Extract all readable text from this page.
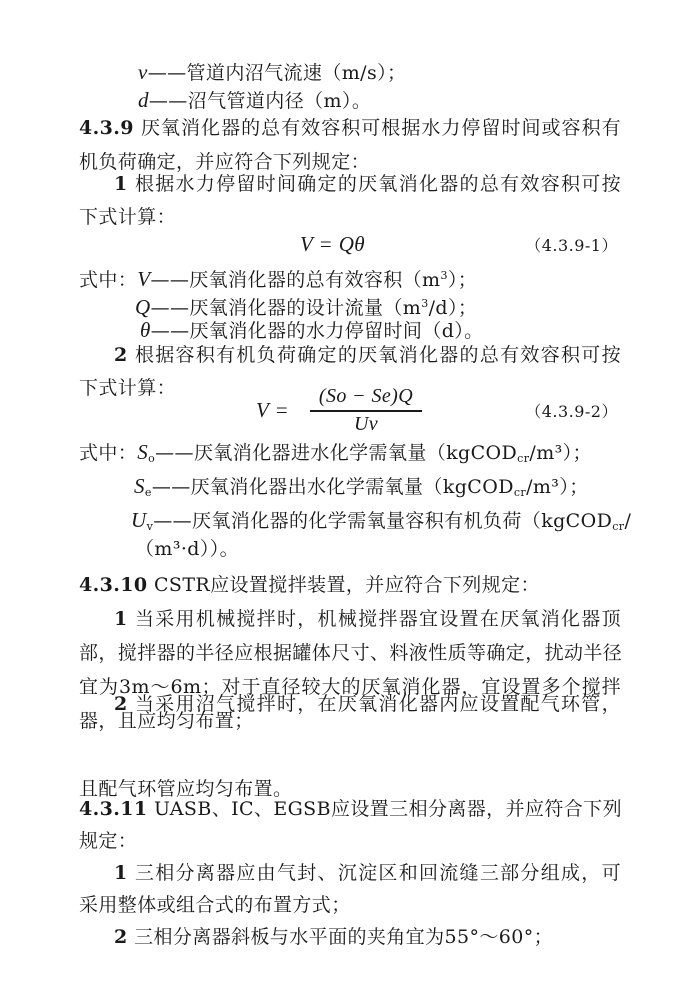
v——管道内沼气流速（m/s）；
d——沼气管道内径（m）。
4.3.9 厌氧消化器的总有效容积可根据水力停留时间或容积有
机负荷确定，并应符合下列规定：
1 根据水力停留时间确定的厌氧消化器的总有效容积可按
下式计算：
V = Qθ	（4.3.9-1）
式中：V——厌氧消化器的总有效容积$(m^3)$；
Q——厌氧消化器的设计流量$(m^3/d)$；
θ——厌氧消化器的水力停留时间（d）。
2 根据容积有机负荷确定的厌氧消化器的总有效容积可按
下式计算：
V =
(So − Se)Q
Uv
（4.3.9-2）
式中：$S_o——$厌氧消化器进水化学需氧量（kgCOD$_{cr}$/m³）；
$S_e——$厌氧消化器出水化学需氧量（kgCOD$_{cr}$/m³）；
$U_v——$厌氧消化器的化学需氧量容积有机负荷（kgCOD$_{cr}$/
（m³·d））。
4.3.10 CSTR应设置搅拌装置，并应符合下列规定：
1 当采用机械搅拌时，机械搅拌器宜设置在厌氧消化器顶
部，搅拌器的半径应根据罐体尺寸、料液性质等确定，扰动半径
宜为3m～6m；对于直径较大的厌氧消化器，宜设置多个搅拌
器，且应均匀布置；
2 当采用沼气搅拌时，在厌氧消化器内应设置配气环管，
且配气环管应均匀布置。
4.3.11 UASB、IC、EGSB应设置三相分离器，并应符合下列
规定：
1 三相分离器应由气封、沉淀区和回流缝三部分组成，可
采用整体或组合式的布置方式；
2 三相分离器斜板与水平面的夹角宜为55°～60°；
